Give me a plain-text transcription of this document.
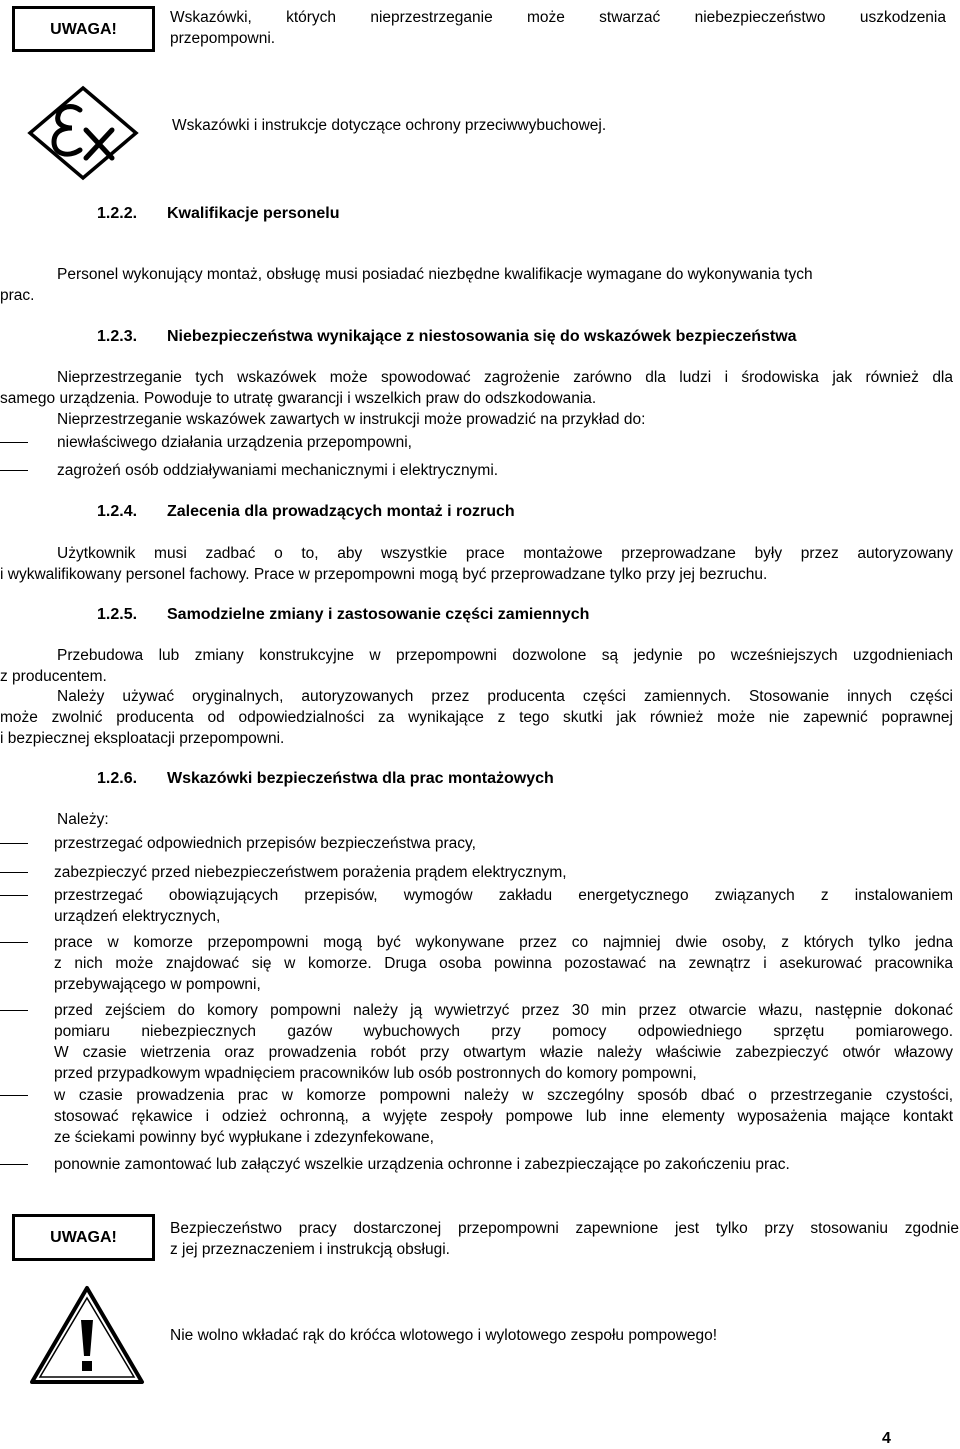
UWAGA!
Wskazówki, których nieprzestrzeganie może stwarzać niebezpieczeństwo uszkodzenia
przepompowni.
Wskazówki i instrukcje dotyczące ochrony przeciwwybuchowej.
1.2.2. Kwalifikacje personelu
Personel wykonujący montaż, obsługę musi posiadać niezbędne kwalifikacje wymagane do wykonywania tych
prac.
1.2.3. Niebezpieczeństwa wynikające z niestosowania się do wskazówek bezpieczeństwa
Nieprzestrzeganie tych wskazówek może spowodować zagrożenie zarówno dla ludzi i środowiska jak również dla
samego urządzenia. Powoduje to utratę gwarancji i wszelkich praw do odszkodowania.
Nieprzestrzeganie wskazówek zawartych w instrukcji może prowadzić na przykład do:
niewłaściwego działania urządzenia przepompowni,
zagrożeń osób oddziaływaniami mechanicznymi i elektrycznymi.
1.2.4. Zalecenia dla prowadzących montaż i rozruch
Użytkownik musi zadbać o to, aby wszystkie prace montażowe przeprowadzane były przez autoryzowany
i wykwalifikowany personel fachowy. Prace w przepompowni mogą być przeprowadzane tylko przy jej bezruchu.
1.2.5. Samodzielne zmiany i zastosowanie części zamiennych
Przebudowa lub zmiany konstrukcyjne w przepompowni dozwolone są jedynie po wcześniejszych uzgodnieniach
z producentem.
Należy używać oryginalnych, autoryzowanych przez producenta części zamiennych. Stosowanie innych części
może zwolnić producenta od odpowiedzialności za wynikające z tego skutki jak również może nie zapewnić poprawnej
i bezpiecznej eksploatacji przepompowni.
1.2.6. Wskazówki bezpieczeństwa dla prac montażowych
Należy:
przestrzegać odpowiednich przepisów bezpieczeństwa pracy,
zabezpieczyć przed niebezpieczeństwem porażenia prądem elektrycznym,
przestrzegać obowiązujących przepisów, wymogów zakładu energetycznego związanych z instalowaniem
urządzeń elektrycznych,
prace w komorze przepompowni mogą być wykonywane przez co najmniej dwie osoby, z których tylko jedna
z nich może znajdować się w komorze. Druga osoba powinna pozostawać na zewnątrz i asekurować pracownika
przebywającego w pompowni,
przed zejściem do komory pompowni należy ją wywietrzyć przez 30 min przez otwarcie włazu, następnie dokonać
pomiaru niebezpiecznych gazów wybuchowych przy pomocy odpowiedniego sprzętu pomiarowego.
W czasie wietrzenia oraz prowadzenia robót przy otwartym włazie należy właściwie zabezpieczyć otwór włazowy
przed przypadkowym wpadnięciem pracowników lub osób postronnych do komory pompowni,
w czasie prowadzenia prac w komorze pompowni należy w szczególny sposób dbać o przestrzeganie czystości,
stosować rękawice i odzież ochronną, a wyjęte zespoły pompowe lub inne elementy wyposażenia mające kontakt
ze ściekami powinny być wypłukane i zdezynfekowane,
ponownie zamontować lub załączyć wszelkie urządzenia ochronne i zabezpieczające po zakończeniu prac.
UWAGA!
Bezpieczeństwo pracy dostarczonej przepompowni zapewnione jest tylko przy stosowaniu zgodnie
z jej przeznaczeniem i instrukcją obsługi.
Nie wolno wkładać rąk do króćca wlotowego i wylotowego zespołu pompowego!
4
